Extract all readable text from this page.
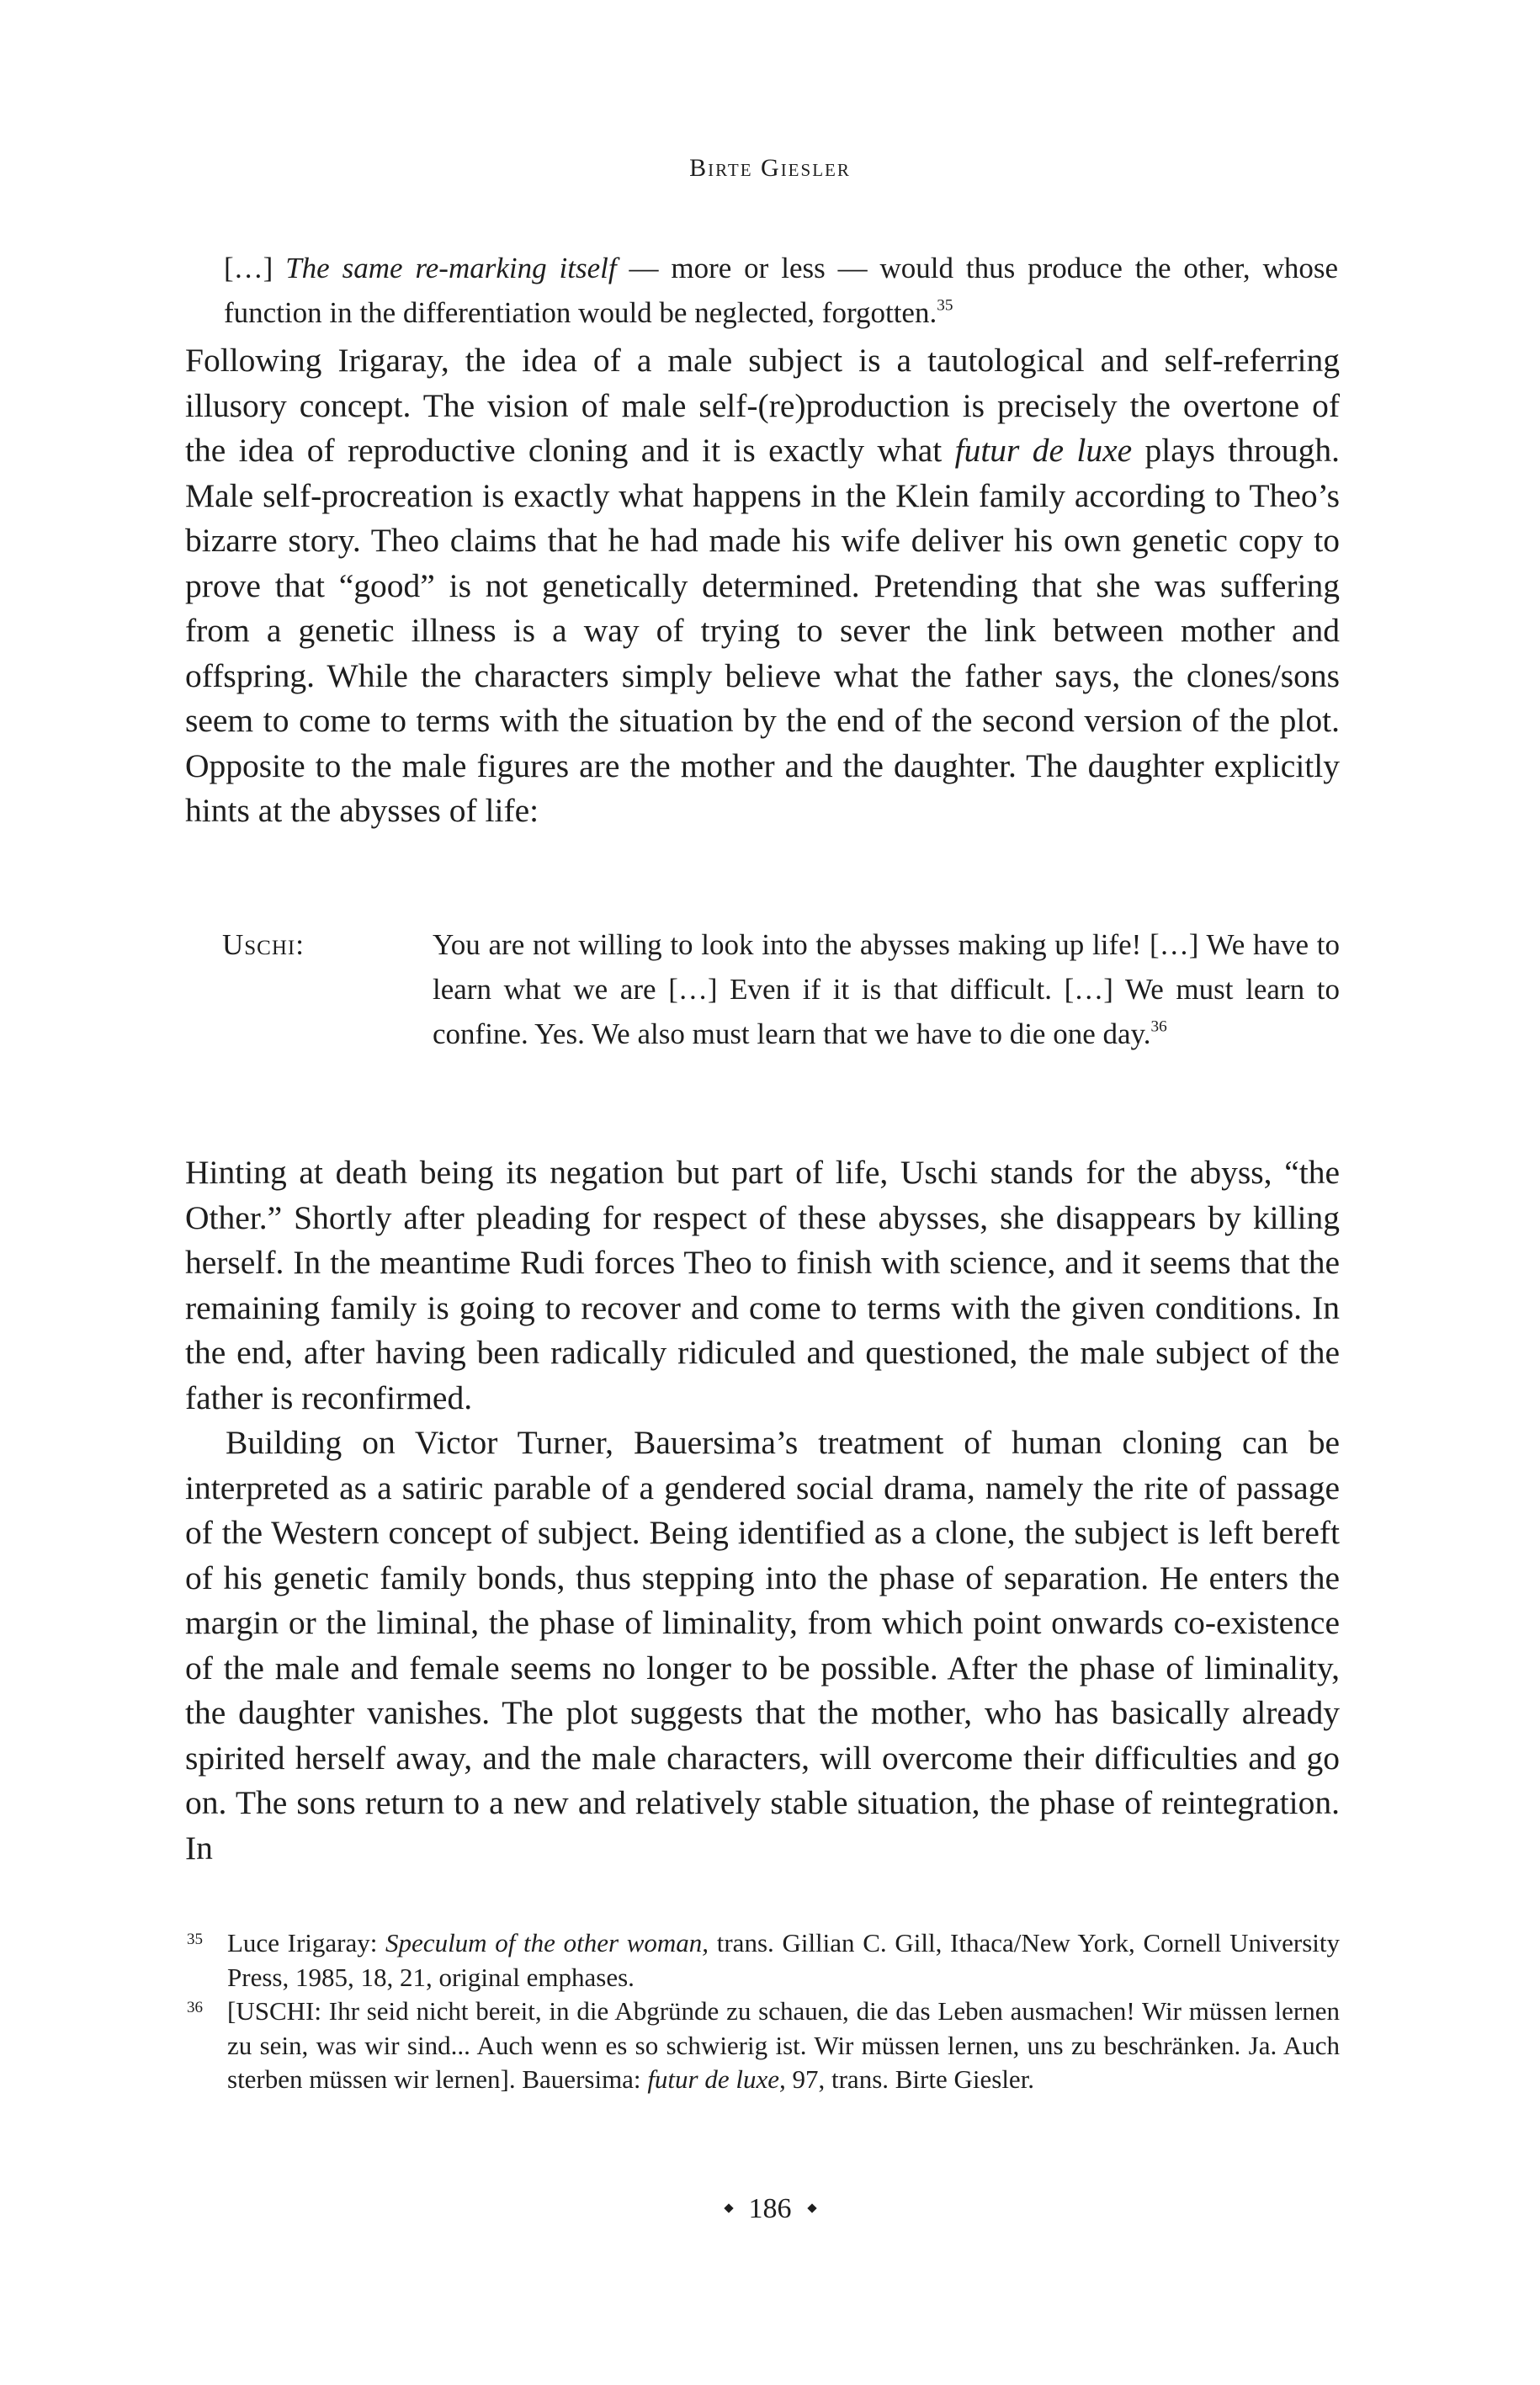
Birte Giesler
[…] The same re-marking itself — more or less — would thus produce the other, whose function in the differentiation would be neglected, forgotten.$^{35}$

Following Irigaray, the idea of a male subject is a tautological and self-referring illusory concept. The vision of male self-(re)production is precisely the overtone of the idea of reproductive cloning and it is exactly what futur de luxe plays through. Male self-procreation is exactly what happens in the Klein family according to Theo’s bizarre story. Theo claims that he had made his wife deliver his own genetic copy to prove that “good” is not genetically determined. Pretending that she was suffering from a genetic illness is a way of trying to sever the link between mother and offspring. While the characters simply believe what the father says, the clones/sons seem to come to terms with the situation by the end of the second version of the plot. Opposite to the male figures are the mother and the daughter. The daughter explicitly hints at the abysses of life:

Uschi:	You are not willing to look into the abysses making up life! […] We have to learn what we are […] Even if it is that difficult. […] We must learn to confine. Yes. We also must learn that we have to die one day.$^{36}$

Hinting at death being its negation but part of life, Uschi stands for the abyss, “the Other.” Shortly after pleading for respect of these abysses, she disappears by killing herself. In the meantime Rudi forces Theo to finish with science, and it seems that the remaining family is going to recover and come to terms with the given conditions. In the end, after having been radically ridiculed and questioned, the male subject of the father is reconfirmed.

Building on Victor Turner, Bauersima’s treatment of human cloning can be interpreted as a satiric parable of a gendered social drama, namely the rite of passage of the Western concept of subject. Being identified as a clone, the subject is left bereft of his genetic family bonds, thus stepping into the phase of separation. He enters the margin or the liminal, the phase of liminality, from which point onwards co-existence of the male and female seems no longer to be possible. After the phase of liminality, the daughter vanishes. The plot suggests that the mother, who has basically already spirited herself away, and the male characters, will overcome their difficulties and go on. The sons return to a new and relatively stable situation, the phase of reintegration. In

35 Luce Irigaray: Speculum of the other woman, trans. Gillian C. Gill, Ithaca/New York, Cornell University Press, 1985, 18, 21, original emphases.
36 [USCHI: Ihr seid nicht bereit, in die Abgründe zu schauen, die das Leben ausmachen! Wir müssen lernen zu sein, was wir sind... Auch wenn es so schwierig ist. Wir müssen lernen, uns zu beschränken. Ja. Auch sterben müssen wir lernen]. Bauersima: futur de luxe, 97, trans. Birte Giesler.
186
